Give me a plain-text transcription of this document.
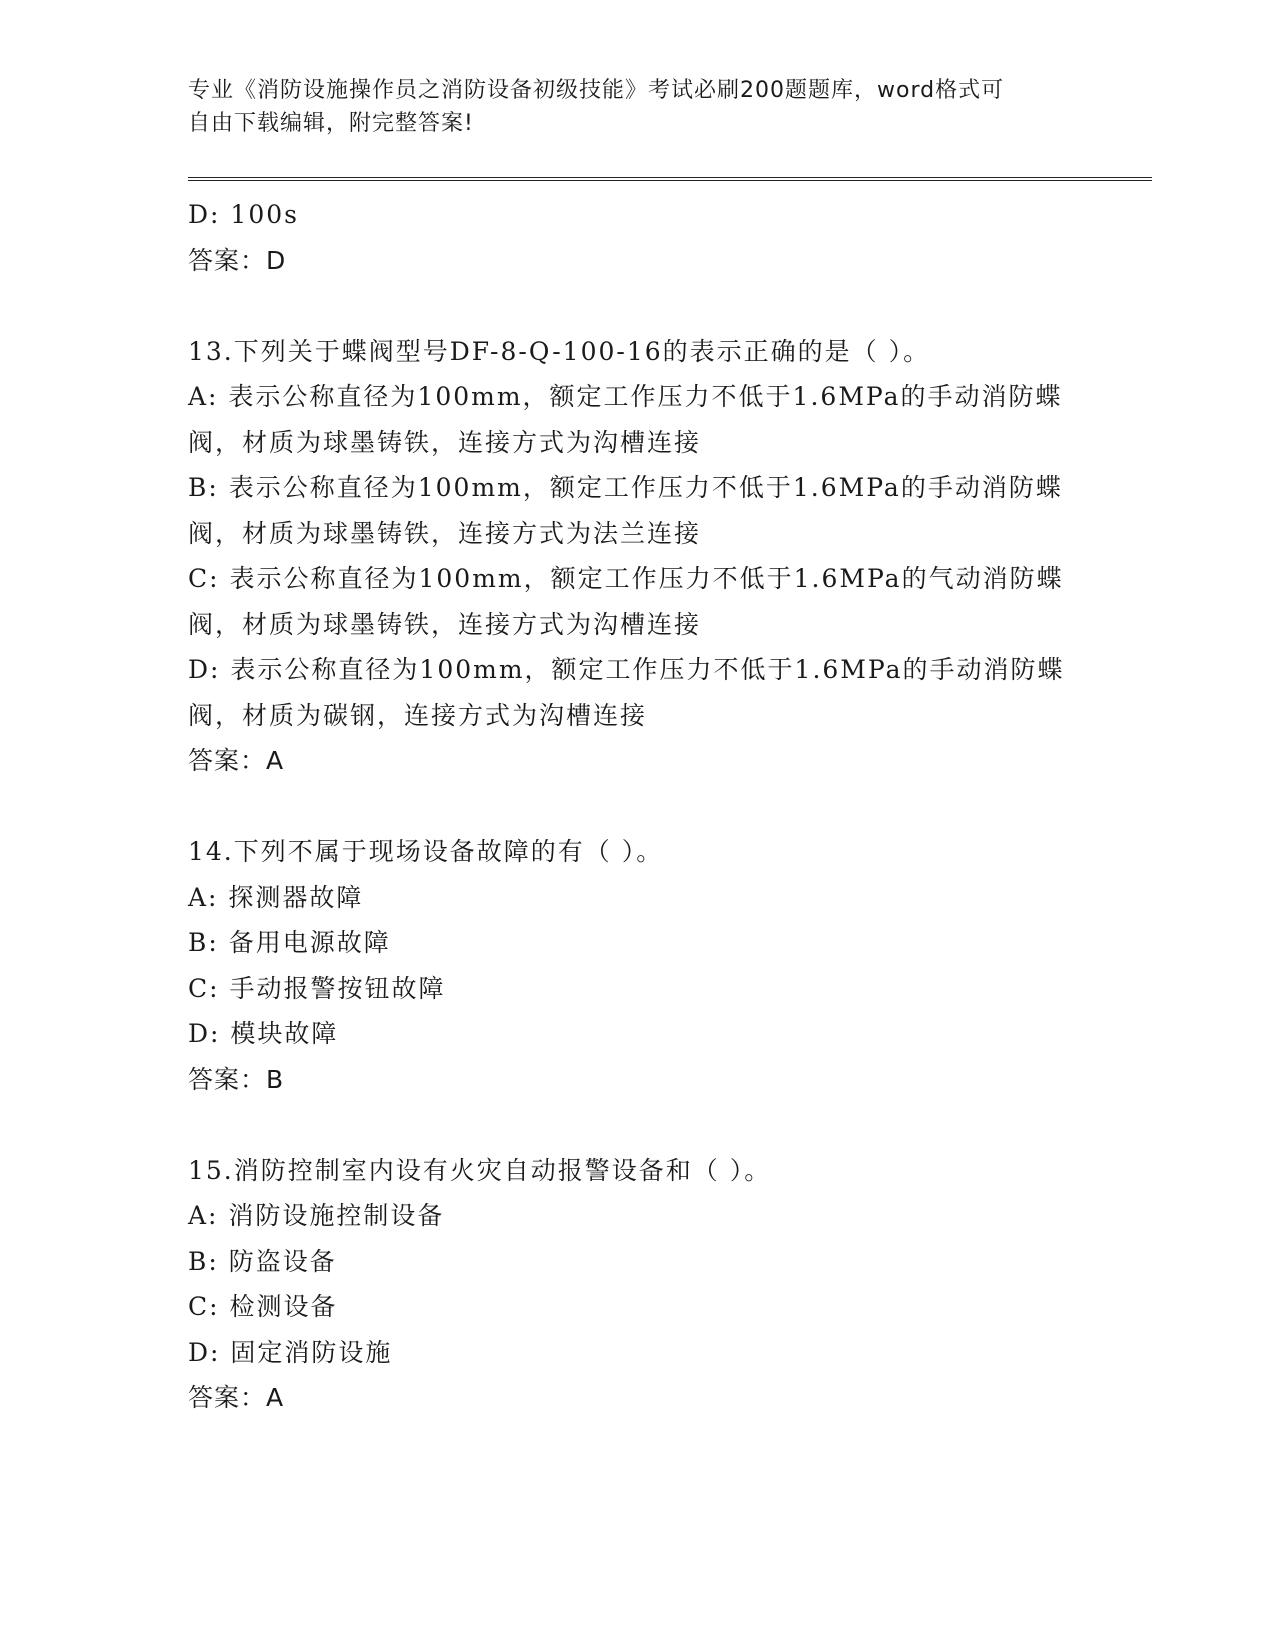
专业《消防设施操作员之消防设备初级技能》考试必刷200题题库，word格式可
自由下载编辑，附完整答案!
D: 100s
答案：D
13.下列关于蝶阀型号DF-8-Q-100-16的表示正确的是（ ）。
A: 表示公称直径为100mm，额定工作压力不低于1.6MPa的手动消防蝶
阀，材质为球墨铸铁，连接方式为沟槽连接
B: 表示公称直径为100mm，额定工作压力不低于1.6MPa的手动消防蝶
阀，材质为球墨铸铁，连接方式为法兰连接
C: 表示公称直径为100mm，额定工作压力不低于1.6MPa的气动消防蝶
阀，材质为球墨铸铁，连接方式为沟槽连接
D: 表示公称直径为100mm，额定工作压力不低于1.6MPa的手动消防蝶
阀，材质为碳钢，连接方式为沟槽连接
答案：A
14.下列不属于现场设备故障的有（ ）。
A: 探测器故障
B: 备用电源故障
C: 手动报警按钮故障
D: 模块故障
答案：B
15.消防控制室内设有火灾自动报警设备和（ ）。
A: 消防设施控制设备
B: 防盗设备
C: 检测设备
D: 固定消防设施
答案：A
